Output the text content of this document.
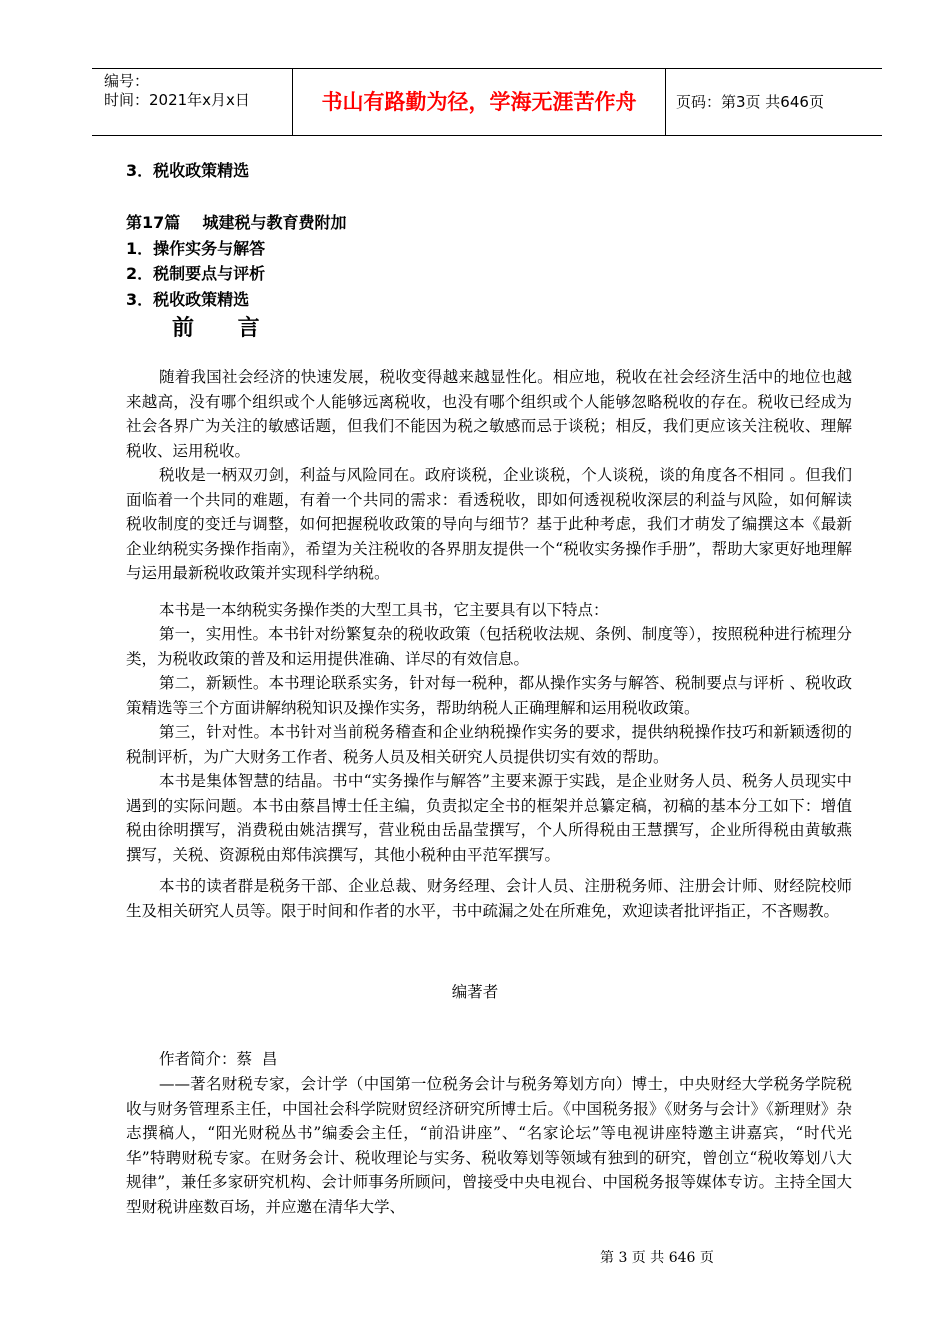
编号：
时间：2021年x月x日	书山有路勤为径，学海无涯苦作舟	页码：第3页 共646页
3．税收政策精选
第17篇    城建税与教育费附加
1．操作实务与解答
2．税制要点与评析
3．税收政策精选
前 言
随着我国社会经济的快速发展，税收变得越来越显性化。相应地，税收在社会经济生活中的地位也越来越高，没有哪个组织或个人能够远离税收，也没有哪个组织或个人能够忽略税收的存在。税收已经成为社会各界广为关注的敏感话题，但我们不能因为税之敏感而忌于谈税；相反，我们更应该关注税收、理解税收、运用税收。
税收是一柄双刃剑，利益与风险同在。政府谈税，企业谈税，个人谈税，谈的角度各不相同 。但我们面临着一个共同的难题，有着一个共同的需求：看透税收，即如何透视税收深层的利益与风险，如何解读税收制度的变迁与调整，如何把握税收政策的导向与细节？基于此种考虑，我们才萌发了编撰这本《最新企业纳税实务操作指南》，希望为关注税收的各界朋友提供一个“税收实务操作手册”，帮助大家更好地理解与运用最新税收政策并实现科学纳税。
本书是一本纳税实务操作类的大型工具书，它主要具有以下特点：
第一，实用性。本书针对纷繁复杂的税收政策（包括税收法规、条例、制度等），按照税种进行梳理分类，为税收政策的普及和运用提供准确、详尽的有效信息。
第二，新颖性。本书理论联系实务，针对每一税种，都从操作实务与解答、税制要点与评析 、税收政策精选等三个方面讲解纳税知识及操作实务，帮助纳税人正确理解和运用税收政策。
第三，针对性。本书针对当前税务稽查和企业纳税操作实务的要求，提供纳税操作技巧和新颖透彻的税制评析，为广大财务工作者、税务人员及相关研究人员提供切实有效的帮助。
本书是集体智慧的结晶。书中“实务操作与解答”主要来源于实践，是企业财务人员、税务人员现实中遇到的实际问题。本书由蔡昌博士任主编，负责拟定全书的框架并总纂定稿，初稿的基本分工如下：增值税由徐明撰写，消费税由姚洁撰写，营业税由岳晶莹撰写，个人所得税由王慧撰写，企业所得税由黄敏燕撰写，关税、资源税由郑伟滨撰写，其他小税种由平范军撰写。
本书的读者群是税务干部、企业总裁、财务经理、会计人员、注册税务师、注册会计师、财经院校师生及相关研究人员等。限于时间和作者的水平，书中疏漏之处在所难免，欢迎读者批评指正，不吝赐教。
编著者
作者简介：蔡  昌
——著名财税专家，会计学（中国第一位税务会计与税务筹划方向）博士，中央财经大学税务学院税收与财务管理系主任，中国社会科学院财贸经济研究所博士后。《中国税务报》《财务与会计》《新理财》杂志撰稿人，“阳光财税丛书”编委会主任，“前沿讲座”、“名家论坛”等电视讲座特邀主讲嘉宾，“时代光华”特聘财税专家。在财务会计、税收理论与实务、税收筹划等领域有独到的研究，曾创立“税收筹划八大规律”，兼任多家研究机构、会计师事务所顾问，曾接受中央电视台、中国税务报等媒体专访。主持全国大型财税讲座数百场，并应邀在清华大学、
第 3 页 共 646 页
